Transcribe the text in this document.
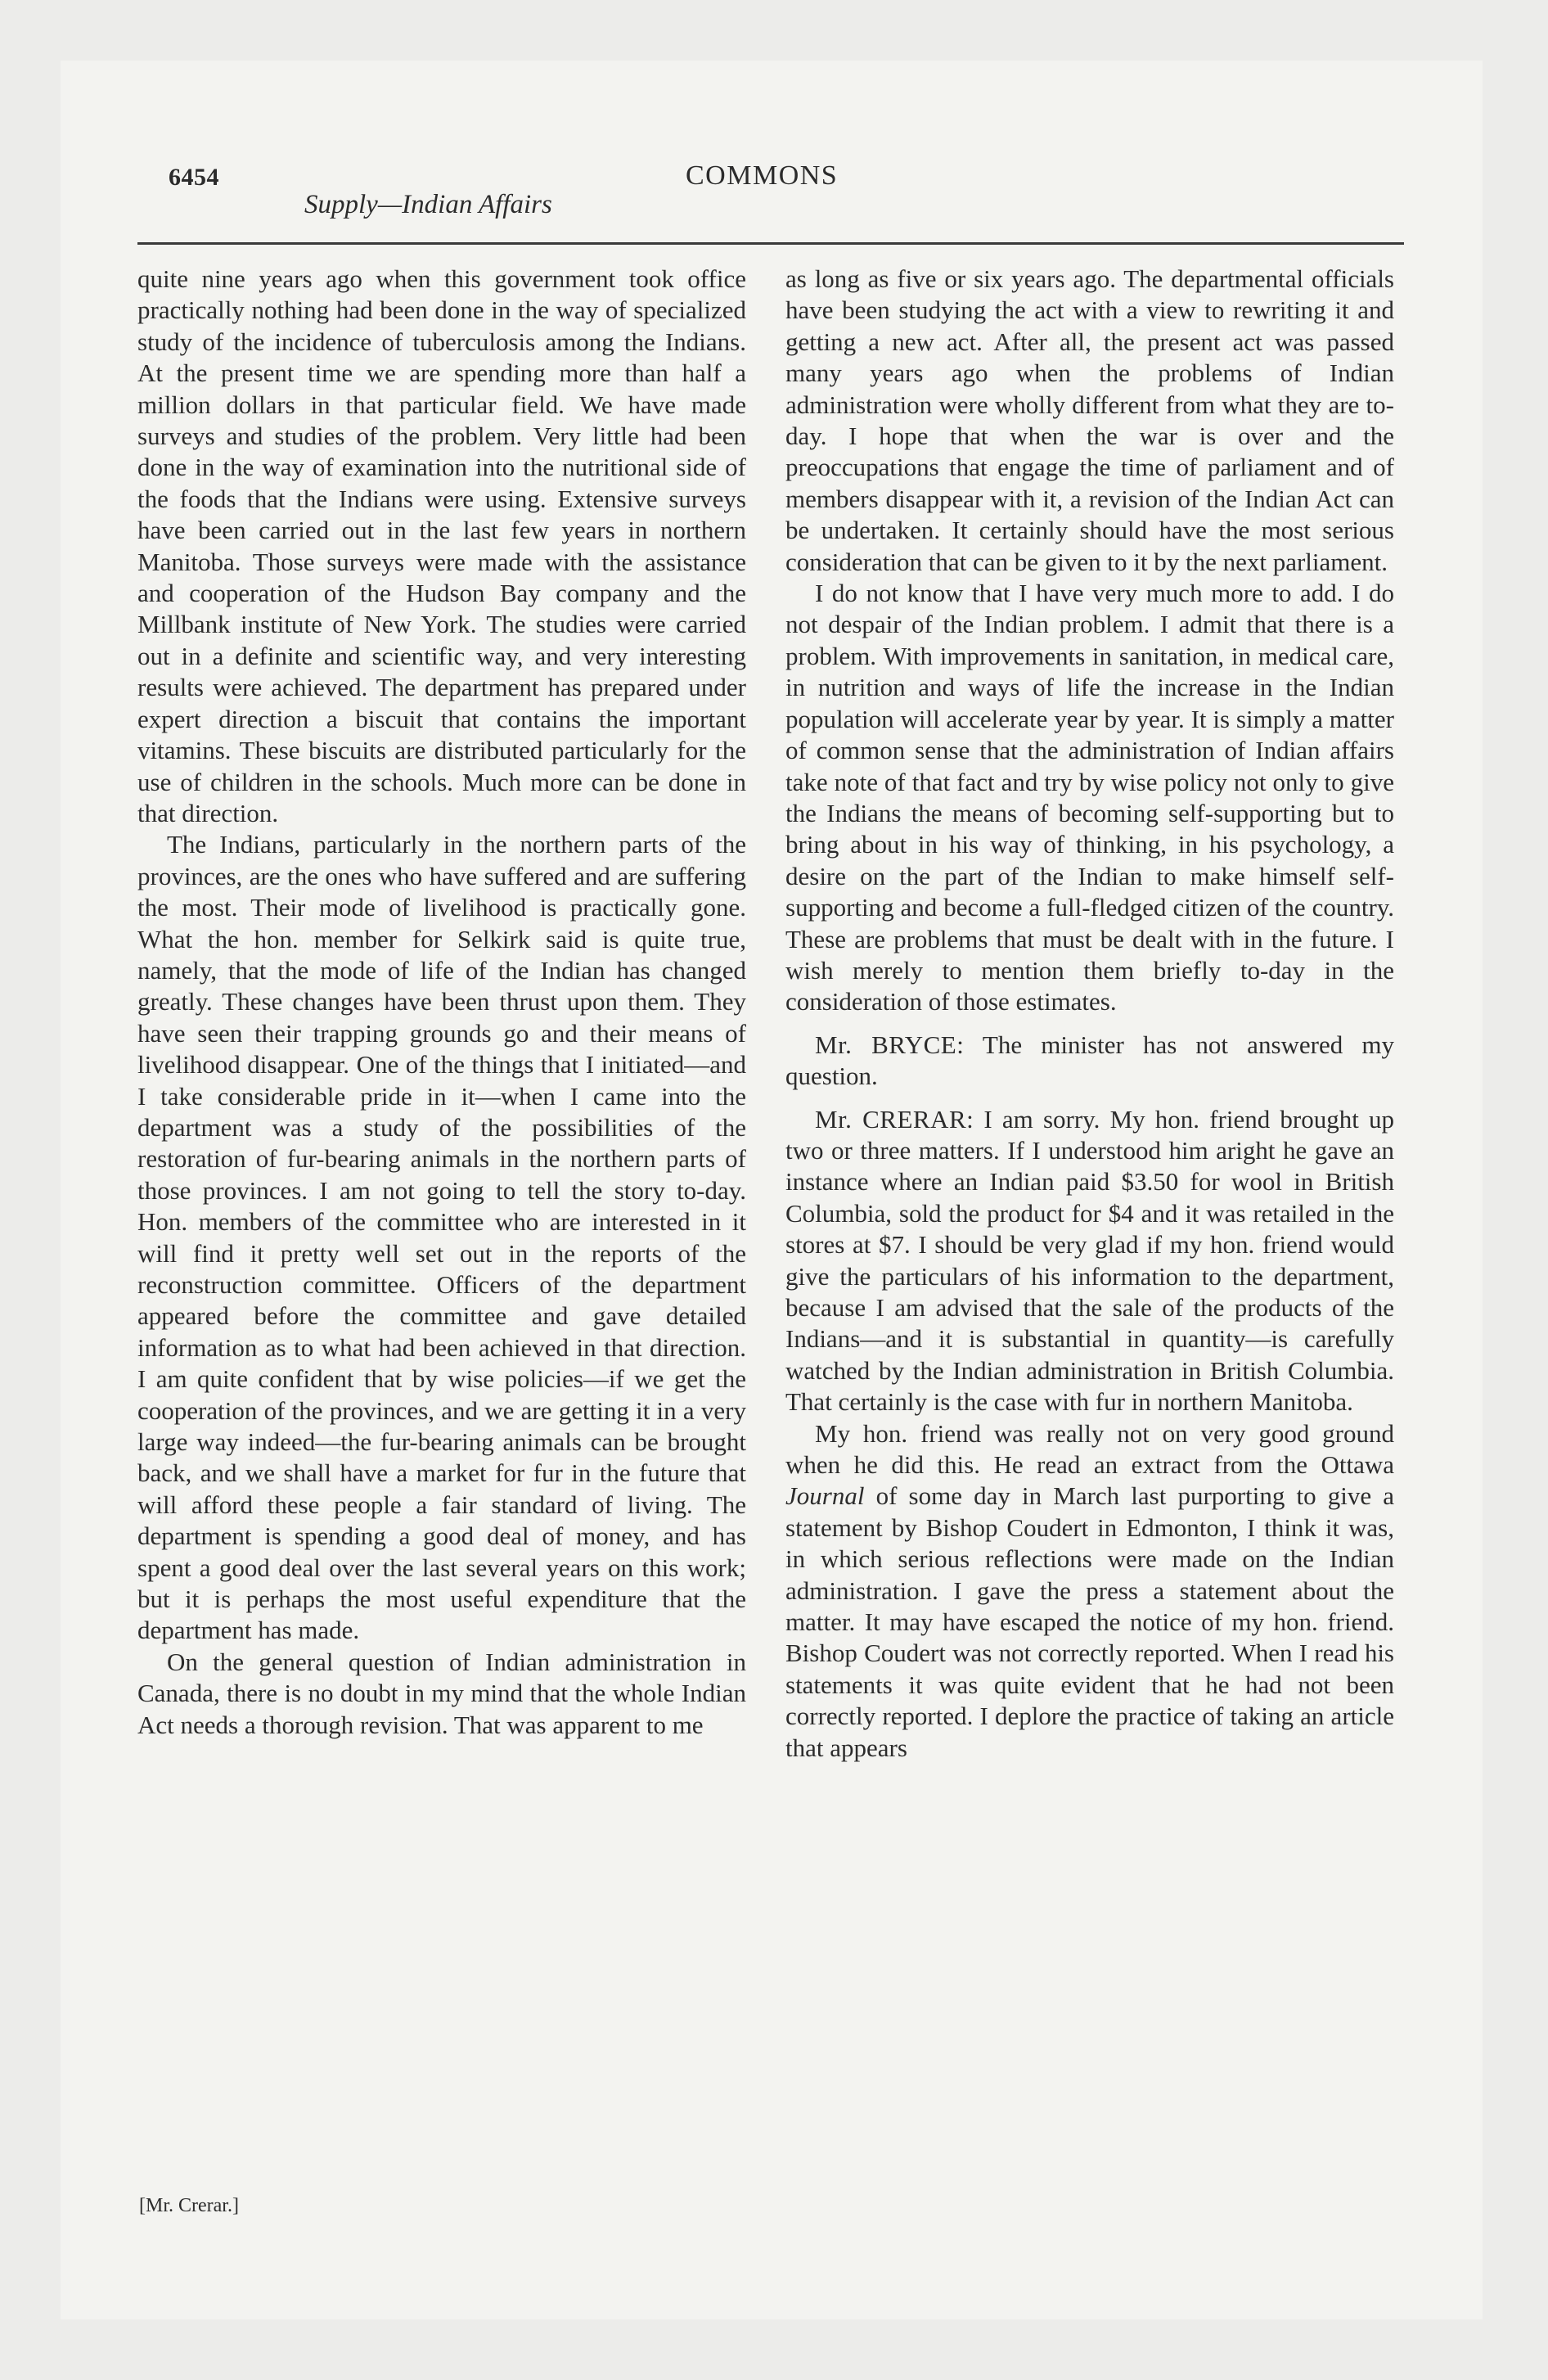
6454	COMMONS
Supply—Indian Affairs

quite nine years ago when this government took office practically nothing had been done in the way of specialized study of the incidence of tuberculosis among the Indians. At the present time we are spending more than half a million dollars in that particular field. We have made surveys and studies of the problem. Very little had been done in the way of examination into the nutritional side of the foods that the Indians were using. Extensive surveys have been carried out in the last few years in northern Manitoba. Those surveys were made with the assistance and cooperation of the Hudson Bay company and the Millbank institute of New York. The studies were carried out in a definite and scientific way, and very interesting results were achieved. The department has prepared under expert direction a biscuit that contains the important vitamins. These biscuits are distributed particularly for the use of children in the schools. Much more can be done in that direction.

The Indians, particularly in the northern parts of the provinces, are the ones who have suffered and are suffering the most. Their mode of livelihood is practically gone. What the hon. member for Selkirk said is quite true, namely, that the mode of life of the Indian has changed greatly. These changes have been thrust upon them. They have seen their trapping grounds go and their means of livelihood disappear. One of the things that I initiated—and I take considerable pride in it—when I came into the department was a study of the possibilities of the restoration of fur-bearing animals in the northern parts of those provinces. I am not going to tell the story to-day. Hon. members of the committee who are interested in it will find it pretty well set out in the reports of the reconstruction committee. Officers of the department appeared before the committee and gave detailed information as to what had been achieved in that direction. I am quite confident that by wise policies—if we get the cooperation of the provinces, and we are getting it in a very large way indeed—the fur-bearing animals can be brought back, and we shall have a market for fur in the future that will afford these people a fair standard of living. The department is spending a good deal of money, and has spent a good deal over the last several years on this work; but it is perhaps the most useful expenditure that the department has made.

On the general question of Indian administration in Canada, there is no doubt in my mind that the whole Indian Act needs a thorough revision. That was apparent to me

as long as five or six years ago. The departmental officials have been studying the act with a view to rewriting it and getting a new act. After all, the present act was passed many years ago when the problems of Indian administration were wholly different from what they are to-day. I hope that when the war is over and the preoccupations that engage the time of parliament and of members disappear with it, a revision of the Indian Act can be undertaken. It certainly should have the most serious consideration that can be given to it by the next parliament.

I do not know that I have very much more to add. I do not despair of the Indian problem. I admit that there is a problem. With improvements in sanitation, in medical care, in nutrition and ways of life the increase in the Indian population will accelerate year by year. It is simply a matter of common sense that the administration of Indian affairs take note of that fact and try by wise policy not only to give the Indians the means of becoming self-supporting but to bring about in his way of thinking, in his psychology, a desire on the part of the Indian to make himself self-supporting and become a full-fledged citizen of the country. These are problems that must be dealt with in the future. I wish merely to mention them briefly to-day in the consideration of those estimates.

Mr. BRYCE: The minister has not answered my question.

Mr. CRERAR: I am sorry. My hon. friend brought up two or three matters. If I understood him aright he gave an instance where an Indian paid $3.50 for wool in British Columbia, sold the product for $4 and it was retailed in the stores at $7. I should be very glad if my hon. friend would give the particulars of his information to the department, because I am advised that the sale of the products of the Indians—and it is substantial in quantity—is carefully watched by the Indian administration in British Columbia. That certainly is the case with fur in northern Manitoba.

My hon. friend was really not on very good ground when he did this. He read an extract from the Ottawa Journal of some day in March last purporting to give a statement by Bishop Coudert in Edmonton, I think it was, in which serious reflections were made on the Indian administration. I gave the press a statement about the matter. It may have escaped the notice of my hon. friend. Bishop Coudert was not correctly reported. When I read his statements it was quite evident that he had not been correctly reported. I deplore the practice of taking an article that appears

[Mr. Crerar.]
